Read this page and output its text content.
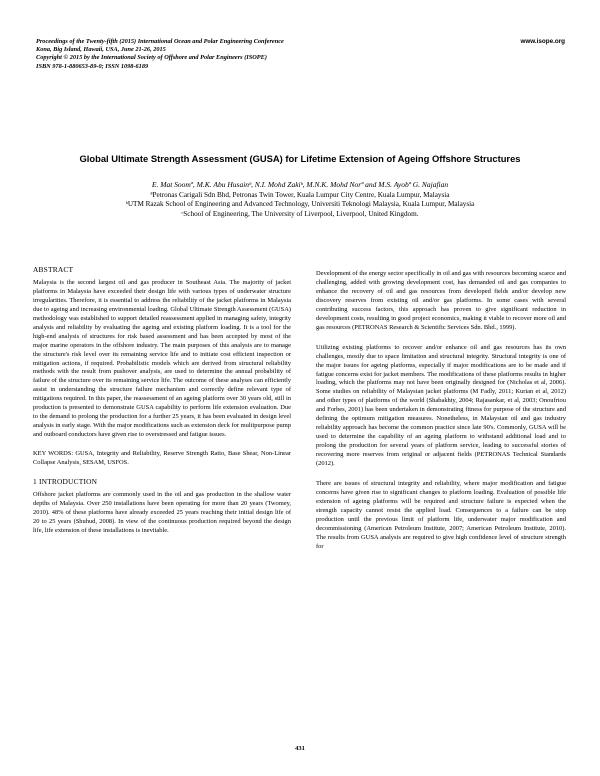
Proceedings of the Twenty-fifth (2015) International Ocean and Polar Engineering Conference
Kona, Big Island, Hawaii, USA, June 21-26, 2015
Copyright © 2015 by the International Society of Offshore and Polar Engineers (ISOPE)
ISBN 978-1-880653-89-0; ISSN 1098-6189
www.isope.org
Global Ultimate Strength Assessment (GUSA) for Lifetime Extension of Ageing Offshore Structures
E. Mat Soomª, M.K. Abu Husainᵇ, N.I. Mohd Zakiᵇ, M.N.K. Mohd Norª and M.S. Ayobª G. Najafian
ªPetronas Carigali Sdn Bhd, Petronas Twin Tower, Kuala Lumpur City Centre, Kuala Lumpur, Malaysia
ᵇUTM Razak School of Engineering and Advanced Technology, Universiti Teknologi Malaysia, Kuala Lumpur, Malaysia
ᶜSchool of Engineering, The University of Liverpool, Liverpool, United Kingdom.
ABSTRACT

Malaysia is the second largest oil and gas producer in Southeast Asia. The majority of jacket platforms in Malaysia have exceeded their design life with various types of underwater structure irregularities. Therefore, it is essential to address the reliability of the jacket platforms in Malaysia due to ageing and increasing environmental loading. Global Ultimate Strength Assessment (GUSA) methodology was established to support detailed reassessment applied in managing safety, integrity analysis and reliability by evaluating the ageing and existing platform loading. It is a tool for the high-end analysis of structures for risk based assessment and has been accepted by most of the major marine operators in the offshore industry. The main purposes of this analysis are to manage the structure's risk level over its remaining service life and to initiate cost efficient inspection or mitigation actions, if required. Probabilistic models which are derived from structural reliability methods with the result from pushover analysis, are used to determine the annual probability of failure of the structure over its remaining service life. The outcome of these analyses can efficiently assist in understanding the structure failure mechanism and correctly define relevant type of mitigations required. In this paper, the reassessment of an ageing platform over 30 years old, still in production is presented to demonstrate GUSA capability to perform life extension evaluation. Due to the demand to prolong the production for a further 25 years, it has been evaluated in design level analysis in early stage. With the major modifications such as extension deck for multipurpose pump and outboard conductors have given rise to overstressed and fatigue issues.

KEY WORDS: GUSA, Integrity and Reliability, Reserve Strength Ratio, Base Shear, Non-Linear Collapse Analysis, SESAM, USFOS.

1 INTRODUCTION

Offshore jacket platforms are commonly used in the oil and gas production in the shallow water depths of Malaysia. Over 250 installations have been operating for more than 20 years (Twomey, 2010). 48% of these platforms have already exceeded 25 years reaching their initial design life of 20 to 25 years (Shuhud, 2008). In view of the continuous production required beyond the design life, life extension of these installations is inevitable.

Development of the energy sector specifically in oil and gas with resources becoming scarce and challenging, added with growing development cost, has demanded oil and gas companies to enhance the recovery of oil and gas resources from developed fields and/or develop new discovery reserves from existing oil and/or gas platforms. In some cases with several contributing success factors, this approach has proven to give significant reduction in development costs, resulting in good project economics, making it viable to recover more oil and gas resources (PETRONAS Research & Scientific Services Sdn. Bhd., 1999).

Utilizing existing platforms to recover and/or enhance oil and gas resources has its own challenges, mostly due to space limitation and structural integrity. Structural integrity is one of the major issues for ageing platforms, especially if major modifications are to be made and if fatigue concerns exist for jacket members. The modifications of these platforms results in higher loading, which the platforms may not have been originally designed for (Nicholas et al, 2006). Some studies on reliability of Malaysian jacket platforms (M Fadly, 2011; Kurian et al, 2012) and other types of platforms of the world (Shabakhty, 2004; Rajasankar, et al, 2003; Onoufriou and Forbes, 2001) has been undertaken in demonstrating fitness for purpose of the structure and defining the optimum mitigation measures. Nonetheless, in Malaysian oil and gas industry reliability approach has become the common practice since late 90's. Commonly, GUSA will be used to determine the capability of an ageing platform to withstand additional load and to prolong the production for several years of platform service, leading to successful stories of recovering more reserves from original or adjacent fields (PETRONAS Technical Standards (2012).

There are issues of structural integrity and reliability, where major modification and fatigue concerns have given rise to significant changes to platform loading. Evaluation of possible life extension of ageing platforms will be required and structure failure is expected when the strength capacity cannot resist the applied load. Consequences to a failure can be stop production until the previous limit of platform life, underwater major modification and decommissioning (American Petroleum Institute, 2007; American Petroleum Institute, 2010). The results from GUSA analysis are required to give high confidence level of structure strength for

431
